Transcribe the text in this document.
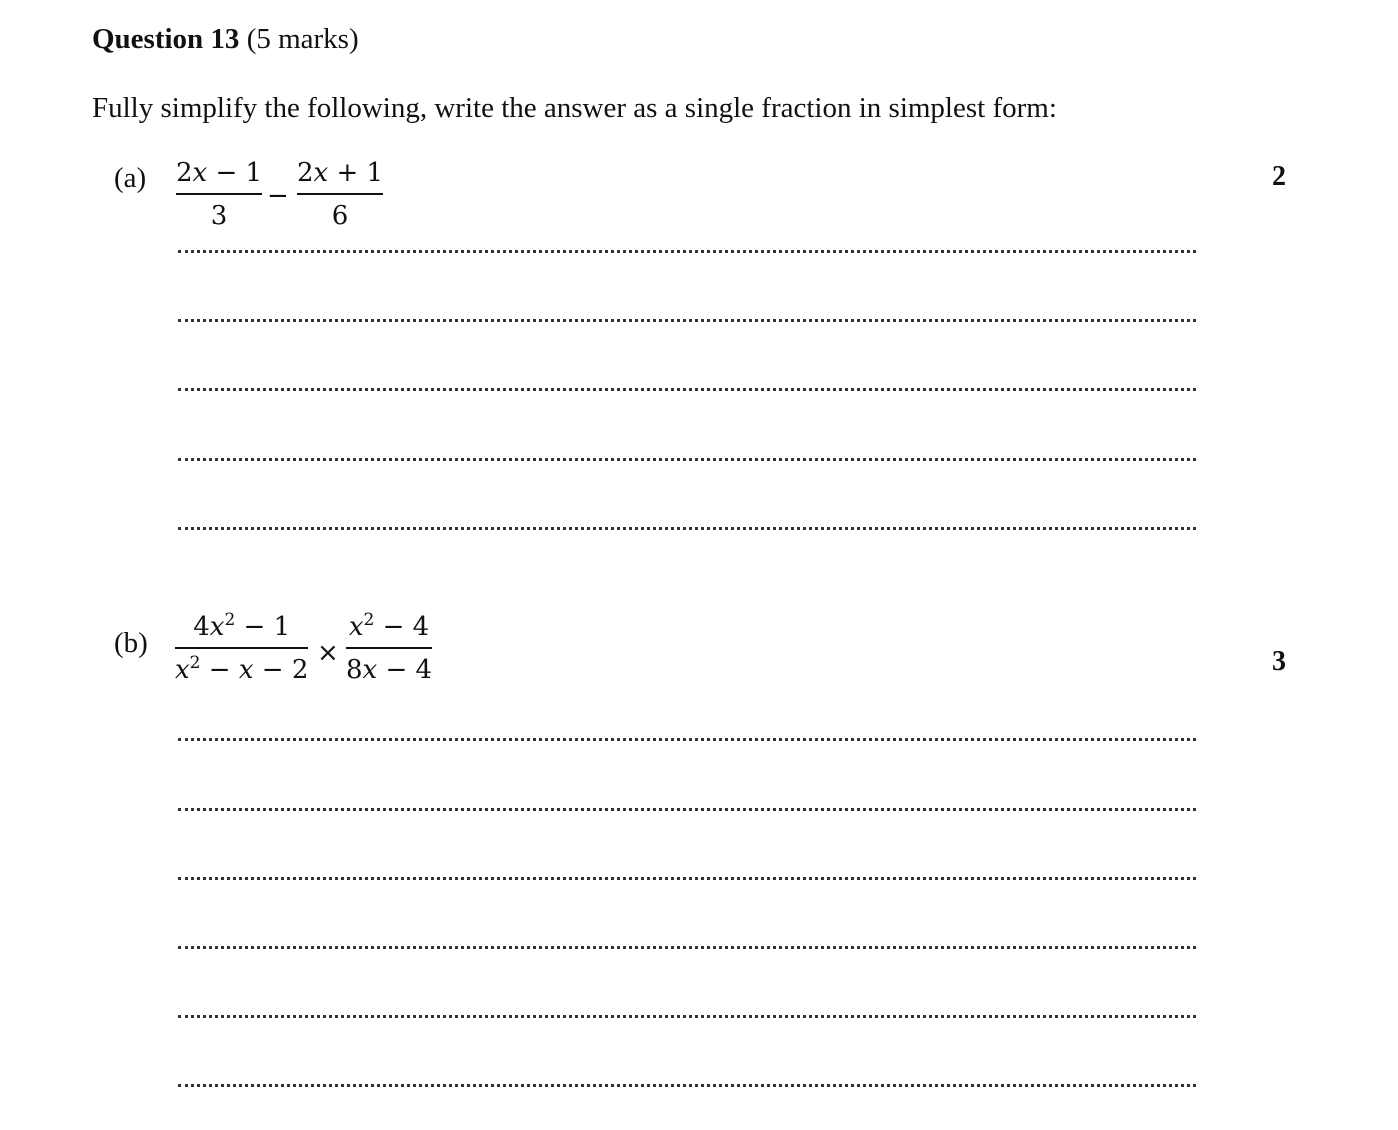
Question 13 (5 marks)
Fully simplify the following, write the answer as a single fraction in simplest form:
(a) 2x − 1
3
−
2x + 1
6
2
(b) $4x^2 - 1$
$x^2 - x - 2$
×
$x^2 - 4$
8x − 4	3
